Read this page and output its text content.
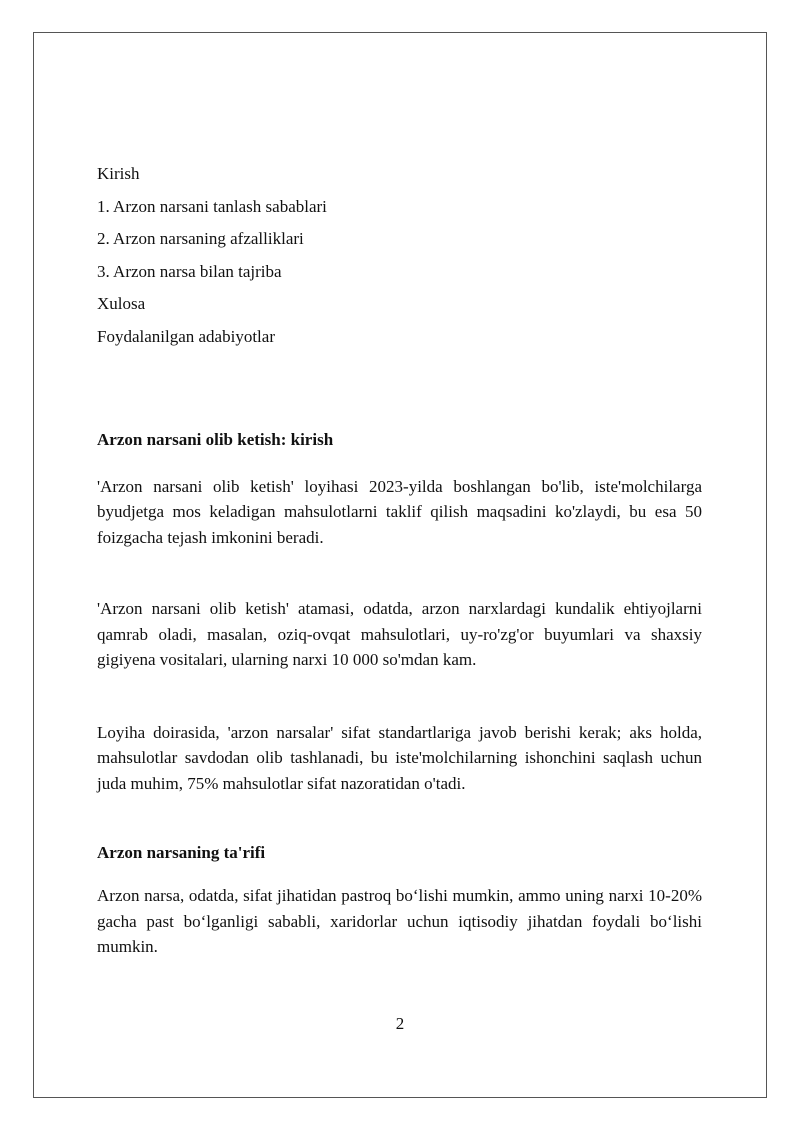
Kirish

1. Arzon narsani tanlash sabablari

2. Arzon narsaning afzalliklari

3. Arzon narsa bilan tajriba

Xulosa

Foydalanilgan adabiyotlar

Arzon narsani olib ketish: kirish

'Arzon narsani olib ketish' loyihasi 2023-yilda boshlangan bo'lib, iste'molchilarga byudjetga mos keladigan mahsulotlarni taklif qilish maqsadini ko'zlaydi, bu esa 50 foizgacha tejash imkonini beradi.

'Arzon narsani olib ketish' atamasi, odatda, arzon narxlardagi kundalik ehtiyojlarni qamrab oladi, masalan, oziq-ovqat mahsulotlari, uy-ro'zg'or buyumlari va shaxsiy gigiyena vositalari, ularning narxi 10 000 so'mdan kam.

Loyiha doirasida, 'arzon narsalar' sifat standartlariga javob berishi kerak; aks holda, mahsulotlar savdodan olib tashlanadi, bu iste'molchilarning ishonchini saqlash uchun juda muhim, 75% mahsulotlar sifat nazoratidan o'tadi.

Arzon narsaning ta'rifi

Arzon narsa, odatda, sifat jihatidan pastroq bo‘lishi mumkin, ammo uning narxi 10-20% gacha past bo‘lganligi sababli, xaridorlar uchun iqtisodiy jihatdan foydali bo‘lishi mumkin.

2
